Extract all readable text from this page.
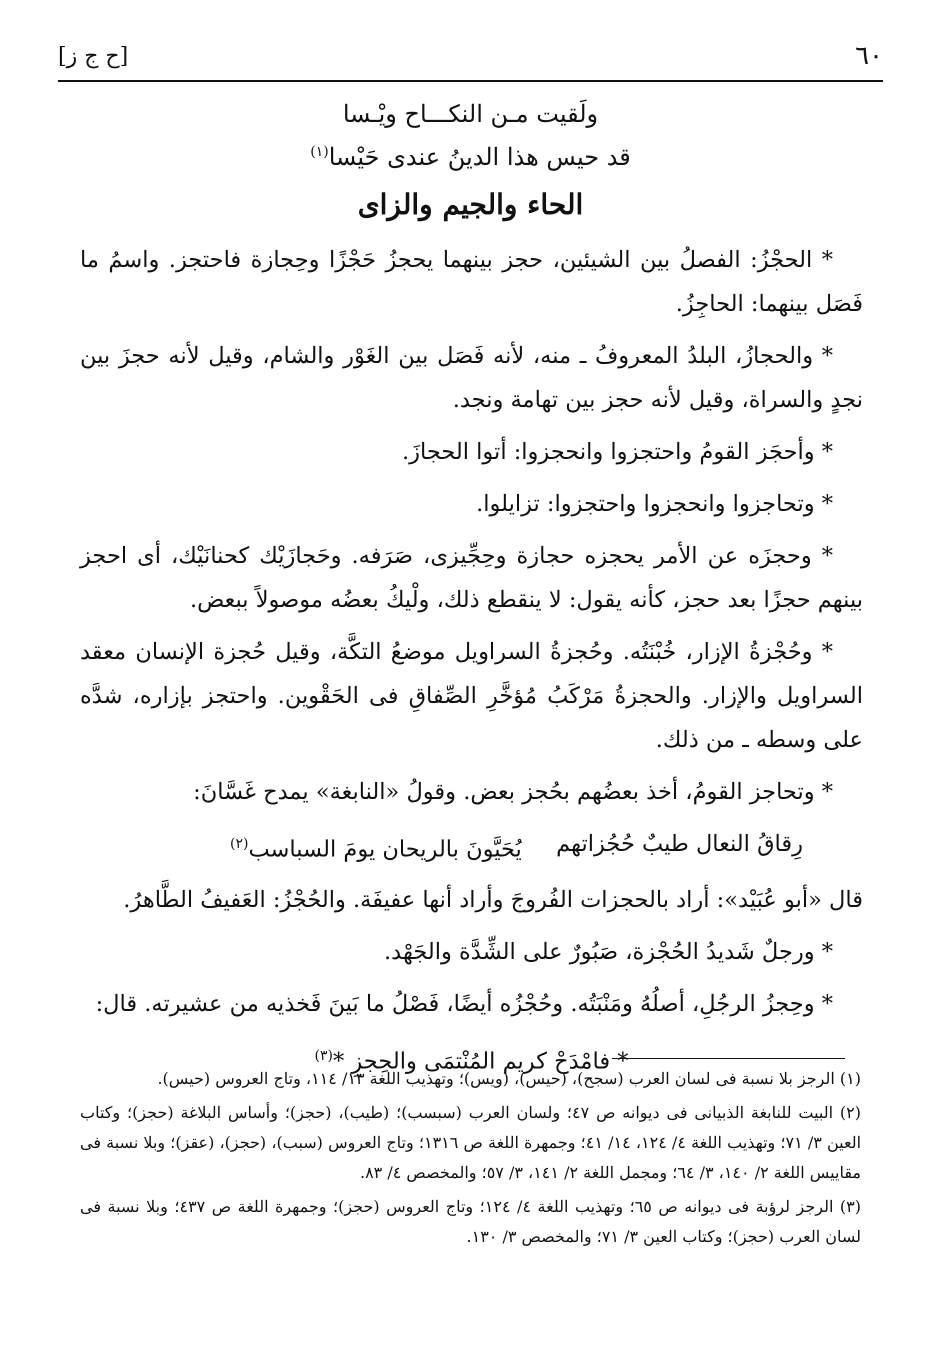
[ح ج ز]	٦٠
ولَقيت مـن النكـــاح ويْـسا
قد حيس هذا الدينُ عندى حَيْسا$^{(١)}$
الحاء والجيم والزاى

* الحجْزُ: الفصلُ بين الشيئين، حجز بينهما يحجزُ حَجْزًا وحِجازة فاحتجز. واسمُ ما فَصَل بينهما: الحاجِزُ.

* والحجازُ، البلدُ المعروفُ ـ منه، لأنه فَصَل بين الغَوْر والشام، وقيل لأنه حجزَ بين نجدٍ والسراة، وقيل لأنه حجز بين تهامة ونجد.

* وأحجَز القومُ واحتجزوا وانحجزوا: أتوا الحجازَ.

* وتحاجزوا وانحجزوا واحتجزوا: تزايلوا.

* وحجزَه عن الأمر يحجزه حجازة وحِجِّيزى، صَرَفه. وحَجازَيْك كحنانَيْك، أى احجز بينهم حجزًا بعد حجز، كأنه يقول: لا ينقطع ذلك، ولْيكُ بعضُه موصولاً ببعض.

* وحُجْزةُ الإزار، خُبْنَتُه. وحُجزةُ السراويل موضعُ التكَّة، وقيل حُجزة الإنسان معقد السراويل والإزار. والحجزةُ مَرْكَبُ مُؤخَّرِ الصِّفاقِ فى الحَقْوين. واحتجز بإزاره، شدَّه على وسطه ـ من ذلك.

* وتحاجز القومُ، أخذ بعضُهم بحُجز بعض. وقولُ «النابغة» يمدح غَسَّانَ:

رِقاقُ النعال طيبٌ حُجُزاتهم
يُحَيَّونَ بالريحان يومَ السباسب$^{(٢)}$

قال «أبو عُبَيْد»: أراد بالحجزات الفُروجَ وأراد أنها عفيفَة. والحُجْزُ: العَفيفُ الطَّاهرُ.

* ورجلٌ شَديدُ الحُجْزة، صَبُورٌ على الشِّدَّة والجَهْد.

* وحِجزُ الرجُلِ، أصلُهُ ومَنْبَتُه. وحُجْزُه أيضًا، فَصْلُ ما بَينَ فَخذيه من عشيرته. قال:

* فامْدَحْ كريم المُنْتمَى والحِجزِ *$^{(٣)}$

(١) الرجز بلا نسبة فى لسان العرب (سجح)، (حيس)، (ويس)؛ وتهذيب اللغة ١٣/ ١١٤، وتاج العروس (حيس).

(٢) البيت للنابغة الذبيانى فى ديوانه ص ٤٧؛ ولسان العرب (سبسب)؛ (طيب)، (حجز)؛ وأساس البلاغة (حجز)؛ وكتاب العين ٣/ ٧١؛ وتهذيب اللغة ٤/ ١٢٤، ١٤/ ٤١؛ وجمهرة اللغة ص ١٣١٦؛ وتاج العروس (سبب)، (حجز)، (عقز)؛ وبلا نسبة فى مقاييس اللغة ٢/ ١٤٠، ٣/ ٦٤؛ ومجمل اللغة ٢/ ١٤١، ٣/ ٥٧؛ والمخصص ٤/ ٨٣.

(٣) الرجز لرؤبة فى ديوانه ص ٦٥؛ وتهذيب اللغة ٤/ ١٢٤؛ وتاج العروس (حجز)؛ وجمهرة اللغة ص ٤٣٧؛ وبلا نسبة فى لسان العرب (حجز)؛ وكتاب العين ٣/ ٧١؛ والمخصص ٣/ ١٣٠.
